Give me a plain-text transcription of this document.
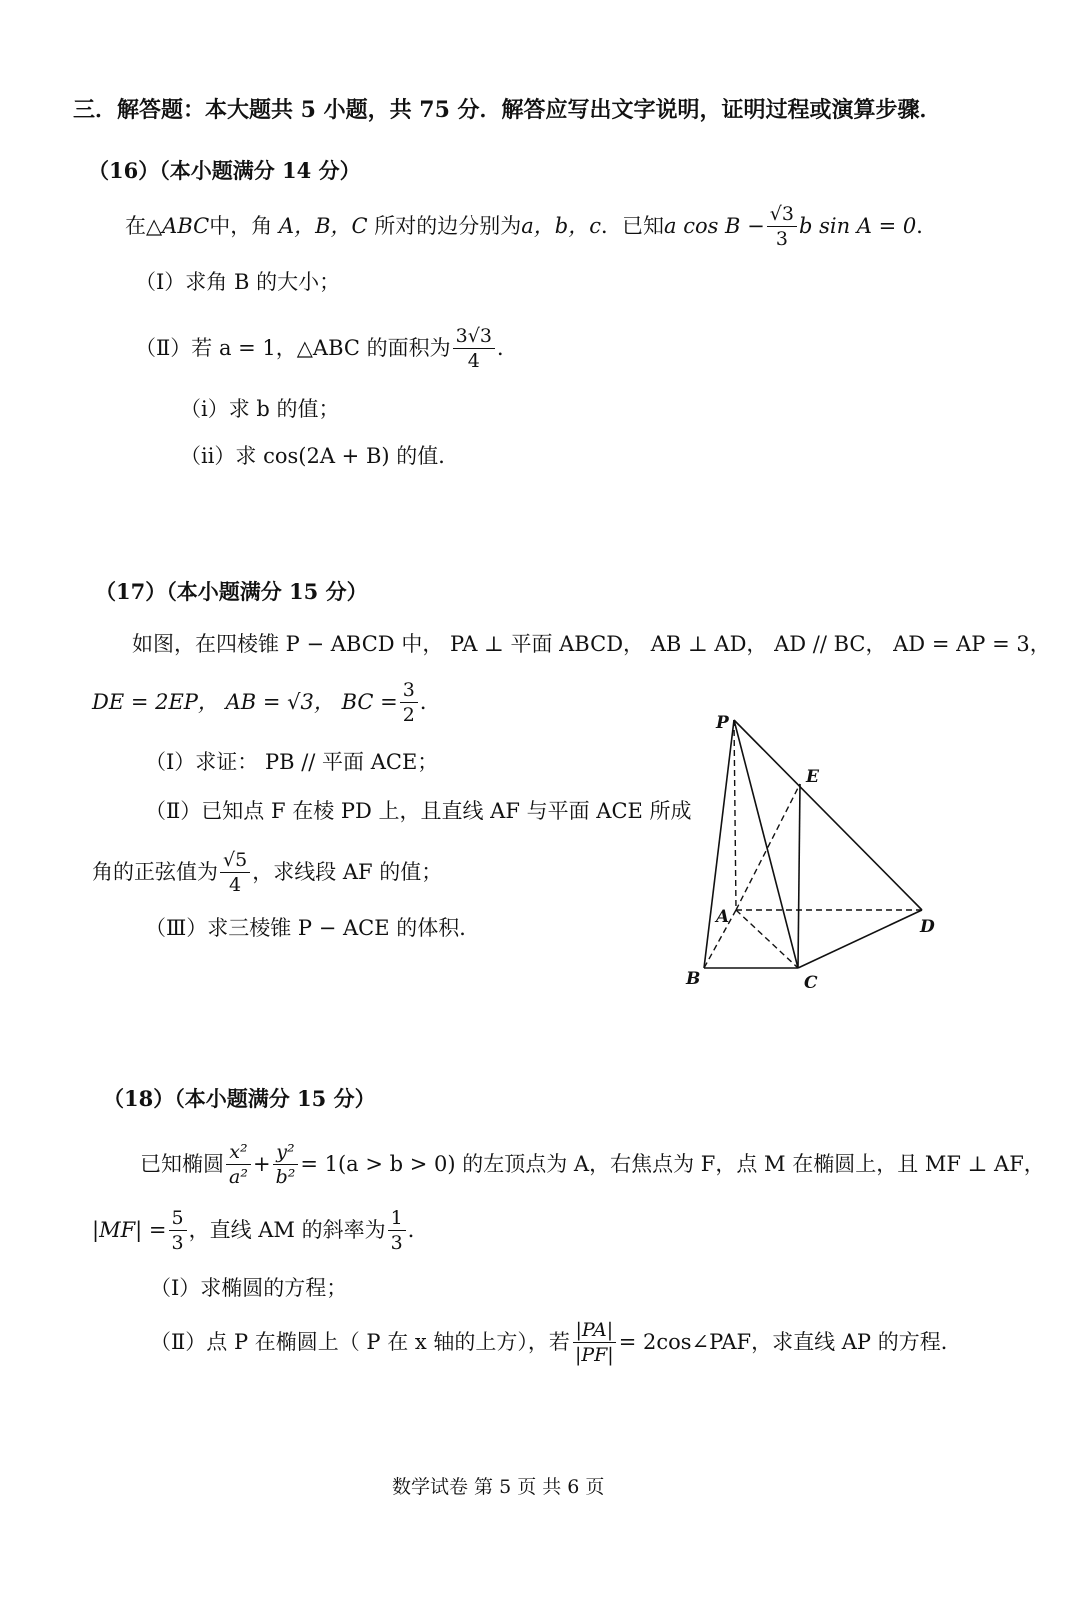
三．解答题：本大题共 5 小题，共 75 分．解答应写出文字说明，证明过程或演算步骤．
（16）（本小题满分 14 分）
在△ ABC 中，角
A，B，C
所对的边分别为 a，b，c ．已知 a $\cos B - \frac{√3}{3}$ b sin A = 0 ．
（Ⅰ）求角 B 的大小；
（Ⅱ）若 a = 1，△ABC 的面积为 $\frac{3√3}{4}$ ．
（ⅰ）求 b 的值；
（ⅱ）求 cos(2A + B) 的值．
（17）（本小题满分 15 分）
如图，在四棱锥 P − ABCD 中， PA ⊥ 平面 ABCD， AB ⊥ AD， AD // BC， AD = AP = 3，
DE = 2EP， AB = √3， BC = $\frac{3}{2}$ ．
（Ⅰ）求证： PB // 平面 ACE；
（Ⅱ）已知点 F 在棱 PD 上，且直线 AF 与平面 ACE 所成
角的正弦值为 $\frac{√5}{4}$ ，求线段 AF 的值；
（Ⅲ）求三棱锥 P − ACE 的体积．
P
E
A	D
B	C
（18）（本小题满分 15 分）
已知椭圆 $\frac{\text{x²}}{\text{a²}} + \frac{\text{y²}}{\text{b²}} = 1(a > b > 0)$ 的左顶点为 A，右焦点为 F，点 M 在椭圆上，且 MF ⊥ AF，
$|MF| = \frac{5}{3}$ ，直线 AM 的斜率为 $\frac{1}{3}$ ．
（Ⅰ）求椭圆的方程；
（Ⅱ）点 P 在椭圆上（ P 在 x 轴的上方），若 $\frac{|PA|}{|PF|}$ = 2cos∠PAF，求直线 AP 的方程．
数学试卷 第 5 页 共 6 页
